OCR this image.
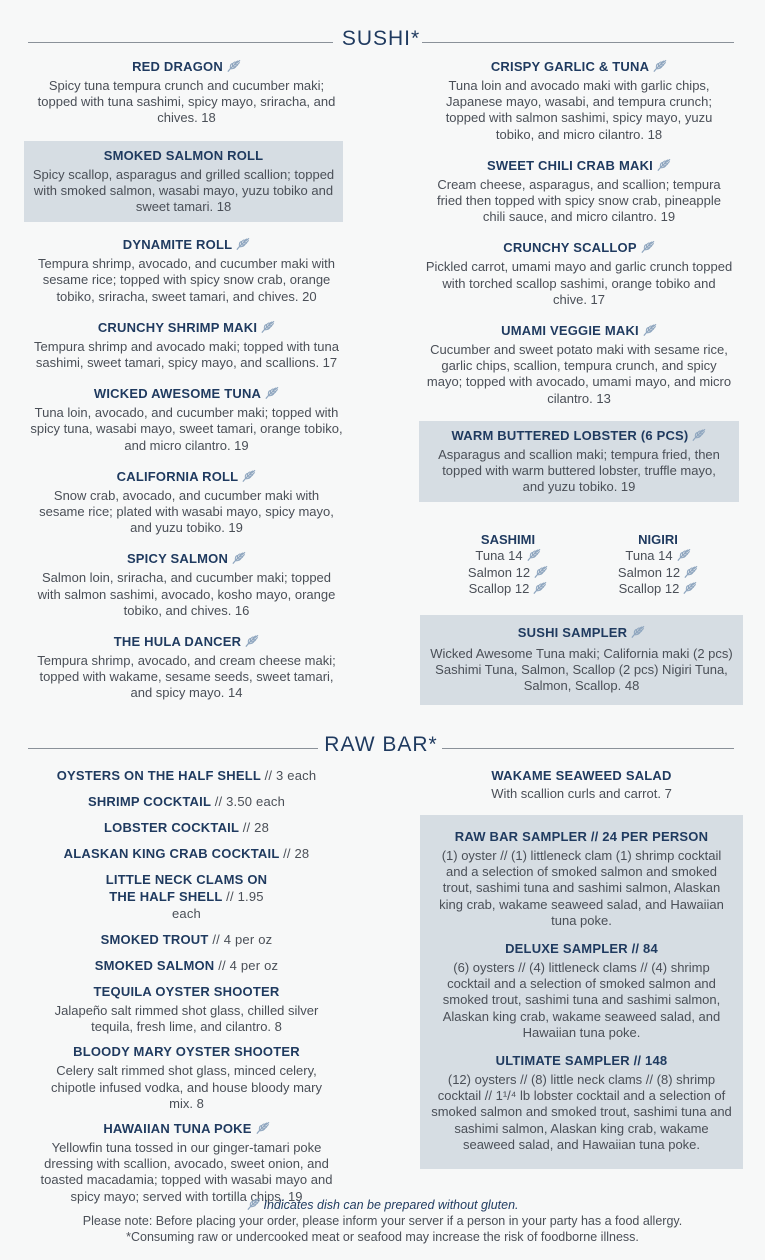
SUSHI*
RED DRAGON
Spicy tuna tempura crunch and cucumber maki; topped with tuna sashimi, spicy mayo, sriracha, and chives. 18
SMOKED SALMON ROLL
Spicy scallop, asparagus and grilled scallion; topped with smoked salmon, wasabi mayo, yuzu tobiko and sweet tamari. 18
DYNAMITE ROLL
Tempura shrimp, avocado, and cucumber maki with sesame rice; topped with spicy snow crab, orange tobiko, sriracha, sweet tamari, and chives. 20
CRUNCHY SHRIMP MAKI
Tempura shrimp and avocado maki; topped with tuna sashimi, sweet tamari, spicy mayo, and scallions. 17
WICKED AWESOME TUNA
Tuna loin, avocado, and cucumber maki; topped with spicy tuna, wasabi mayo, sweet tamari, orange tobiko, and micro cilantro. 19
CALIFORNIA ROLL
Snow crab, avocado, and cucumber maki with sesame rice; plated with wasabi mayo, spicy mayo, and yuzu tobiko. 19
SPICY SALMON
Salmon loin, sriracha, and cucumber maki; topped with salmon sashimi, avocado, kosho mayo, orange tobiko, and chives. 16
THE HULA DANCER
Tempura shrimp, avocado, and cream cheese maki; topped with wakame, sesame seeds, sweet tamari, and spicy mayo. 14
CRISPY GARLIC & TUNA
Tuna loin and avocado maki with garlic chips, Japanese mayo, wasabi, and tempura crunch; topped with salmon sashimi, spicy mayo, yuzu tobiko, and micro cilantro. 18
SWEET CHILI CRAB MAKI
Cream cheese, asparagus, and scallion; tempura fried then topped with spicy snow crab, pineapple chili sauce, and micro cilantro. 19
CRUNCHY SCALLOP
Pickled carrot, umami mayo and garlic crunch topped with torched scallop sashimi, orange tobiko and chive. 17
UMAMI VEGGIE MAKI
Cucumber and sweet potato maki with sesame rice, garlic chips, scallion, tempura crunch, and spicy mayo; topped with avocado, umami mayo, and micro cilantro. 13
WARM BUTTERED LOBSTER (6 PCS)
Asparagus and scallion maki; tempura fried, then topped with warm buttered lobster, truffle mayo, and yuzu tobiko. 19
SASHIMI
Tuna 14
Salmon 12
Scallop 12
NIGIRI
Tuna 14
Salmon 12
Scallop 12
SUSHI SAMPLER
Wicked Awesome Tuna maki; California maki (2 pcs) Sashimi Tuna, Salmon, Scallop (2 pcs) Nigiri Tuna, Salmon, Scallop. 48
RAW BAR*
OYSTERS ON THE HALF SHELL // 3 each
SHRIMP COCKTAIL // 3.50 each
LOBSTER COCKTAIL // 28
ALASKAN KING CRAB COCKTAIL // 28
LITTLE NECK CLAMS ON THE HALF SHELL // 1.95 each
SMOKED TROUT // 4 per oz
SMOKED SALMON // 4 per oz
TEQUILA OYSTER SHOOTER
Jalapeño salt rimmed shot glass, chilled silver tequila, fresh lime, and cilantro. 8
BLOODY MARY OYSTER SHOOTER
Celery salt rimmed shot glass, minced celery, chipotle infused vodka, and house bloody mary mix. 8
HAWAIIAN TUNA POKE
Yellowfin tuna tossed in our ginger-tamari poke dressing with scallion, avocado, sweet onion, and toasted macadamia; topped with wasabi mayo and spicy mayo; served with tortilla chips. 19
WAKAME SEAWEED SALAD
With scallion curls and carrot. 7
RAW BAR SAMPLER // 24 PER PERSON
(1) oyster // (1) littleneck clam (1) shrimp cocktail and a selection of smoked salmon and smoked trout, sashimi tuna and sashimi salmon, Alaskan king crab, wakame seaweed salad, and Hawaiian tuna poke.
DELUXE SAMPLER // 84
(6) oysters // (4) littleneck clams // (4) shrimp cocktail and a selection of smoked salmon and smoked trout, sashimi tuna and sashimi salmon, Alaskan king crab, wakame seaweed salad, and Hawaiian tuna poke.
ULTIMATE SAMPLER // 148
(12) oysters // (8) little neck clams // (8) shrimp cocktail // 1¹/⁴ lb lobster cocktail and a selection of smoked salmon and smoked trout, sashimi tuna and sashimi salmon, Alaskan king crab, wakame seaweed salad, and Hawaiian tuna poke.
Indicates dish can be prepared without gluten.
Please note: Before placing your order, please inform your server if a person in your party has a food allergy.
*Consuming raw or undercooked meat or seafood may increase the risk of foodborne illness.
